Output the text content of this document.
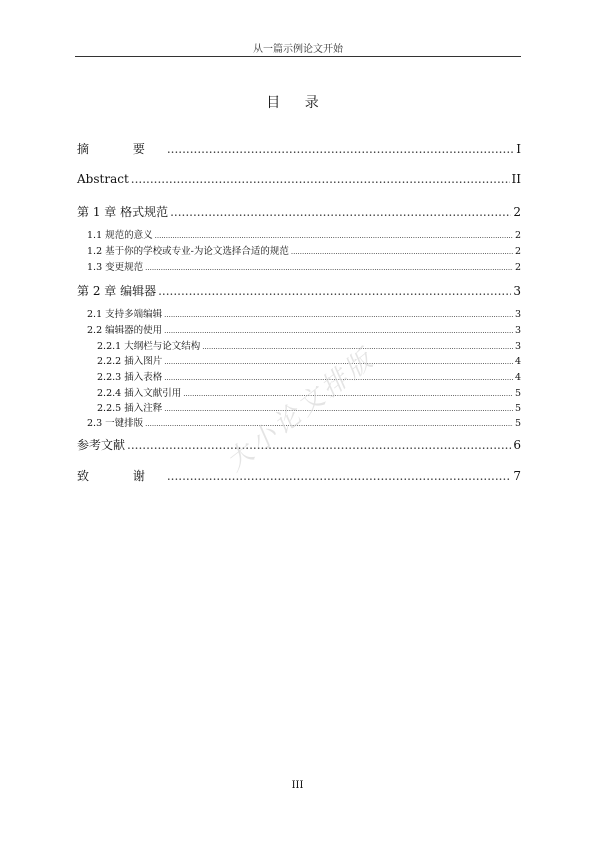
从一篇示例论文开始
目 录
摘 要 .....	I
Abstract .....	II
第 1 章 格式规范 .....	2
1.1 规范的意义 .....	2
1.2 基于你的学校或专业-为论文选择合适的规范 .....	2
1.3 变更规范 .....	2
第 2 章 编辑器 .....	3
2.1 支持多端编辑 .....	3
2.2 编辑器的使用 .....	3
2.2.1 大纲栏与论文结构 .....	3
2.2.2 插入图片 .....	4
2.2.3 插入表格 .....	4
2.2.4 插入文献引用 .....	5
2.2.5 插入注释 .....	5
2.3 一键排版 .....	5
参考文献 .....	6
致 谢 .....	7
大小论文排版
III
